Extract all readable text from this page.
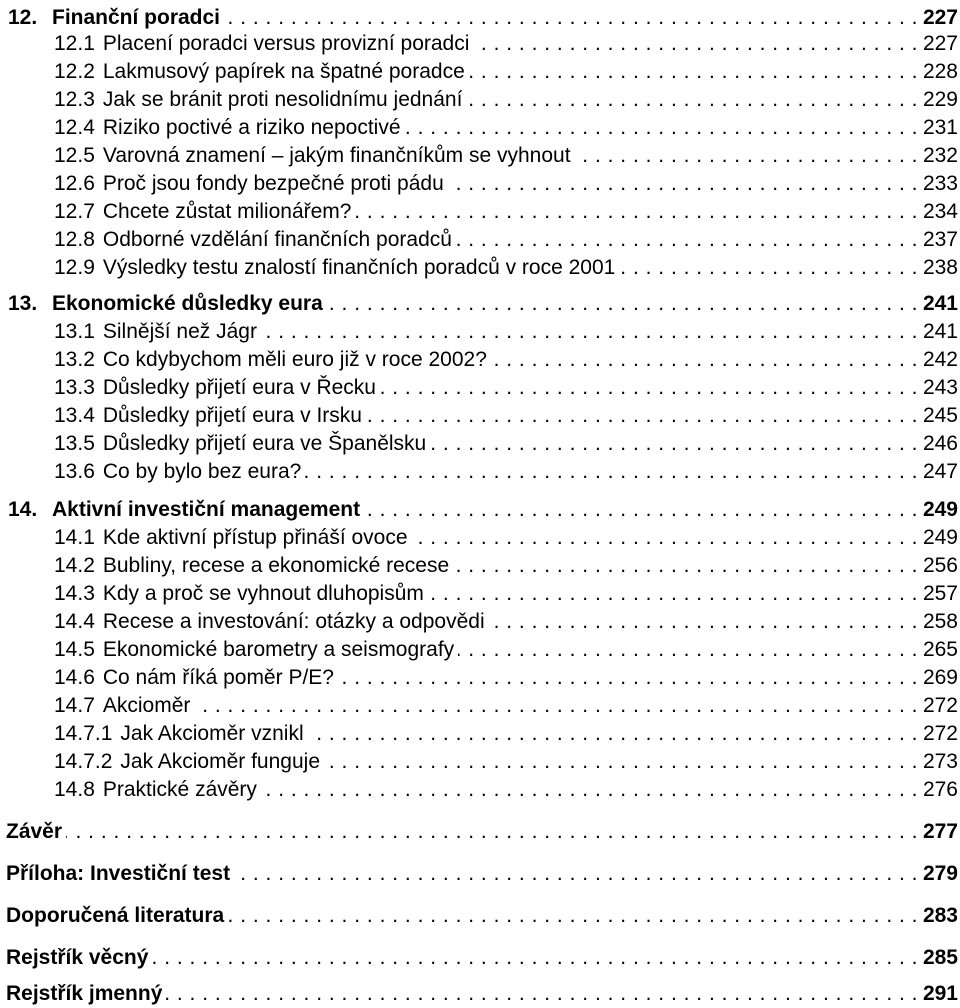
12. Finanční poradci . . .	227
12.1 Placení poradci versus provizní poradci . . .	227
12.2 Lakmusový papírek na špatné poradce . . .	228
12.3 Jak se bránit proti nesolidnímu jednání . . .	229
12.4 Riziko poctivé a riziko nepoctivé . . .	231
12.5 Varovná znamení – jakým finančníkům se vyhnout . . .	232
12.6 Proč jsou fondy bezpečné proti pádu . . .	233
12.7 Chcete zůstat milionářem? . . .	234
12.8 Odborné vzdělání finančních poradců . . .	237
12.9 Výsledky testu znalostí finančních poradců v roce 2001 . . .	238
13. Ekonomické důsledky eura . . .	241
13.1 Silnější než Jágr . . .	241
13.2 Co kdybychom měli euro již v roce 2002? . . .	242
13.3 Důsledky přijetí eura v Řecku . . .	243
13.4 Důsledky přijetí eura v Irsku . . .	245
13.5 Důsledky přijetí eura ve Španělsku . . .	246
13.6 Co by bylo bez eura? . . .	247
14. Aktivní investiční management . . .	249
14.1 Kde aktivní přístup přináší ovoce . . .	249
14.2 Bubliny, recese a ekonomické recese . . .	256
14.3 Kdy a proč se vyhnout dluhopisům . . .	257
14.4 Recese a investování: otázky a odpovědi . . .	258
14.5 Ekonomické barometry a seismografy . . .	265
14.6 Co nám říká poměr P/E? . . .	269
14.7 Akcioměr . . .	272
14.7.1 Jak Akcioměr vznikl . . .	272
14.7.2 Jak Akcioměr funguje . . .	273
14.8 Praktické závěry . . .	276
Závěr . . .	277
Příloha: Investiční test . . .	279
Doporučená literatura . . .	283
Rejstřík věcný . . .	285
Rejstřík jmenný . . .	291
